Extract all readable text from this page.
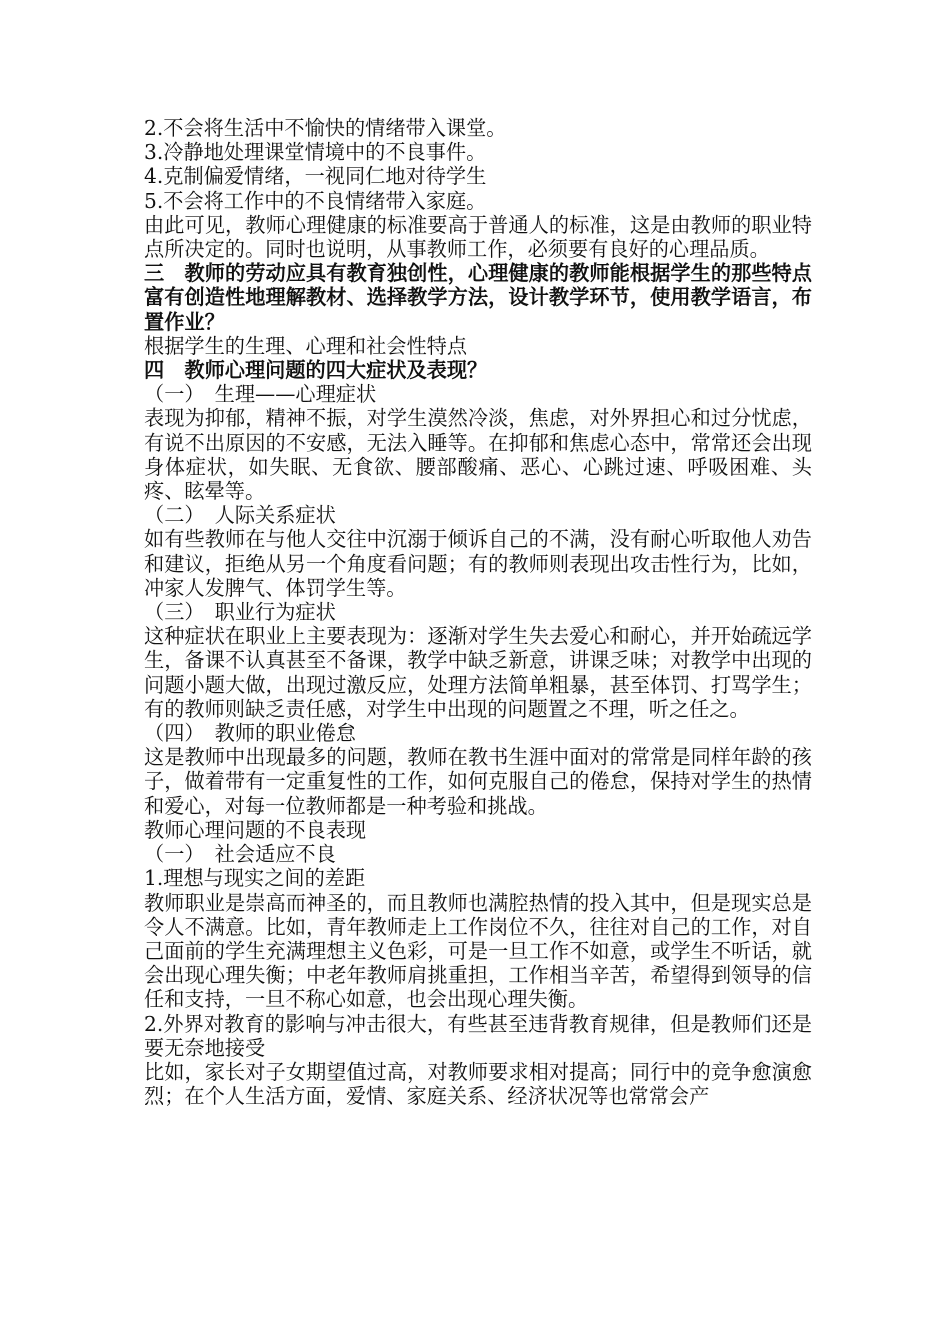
2.不会将生活中不愉快的情绪带入课堂。

3.冷静地处理课堂情境中的不良事件。

4.克制偏爱情绪，一视同仁地对待学生

5.不会将工作中的不良情绪带入家庭。

由此可见，教师心理健康的标准要高于普通人的标准，这是由教师的职业特点所决定的。同时也说明，从事教师工作，必须要有良好的心理品质。

三　教师的劳动应具有教育独创性，心理健康的教师能根据学生的那些特点富有创造性地理解教材、选择教学方法，设计教学环节，使用教学语言，布置作业？

根据学生的生理、心理和社会性特点

四　教师心理问题的四大症状及表现？

（一）　生理——心理症状

表现为抑郁，精神不振，对学生漠然冷淡，焦虑，对外界担心和过分忧虑，有说不出原因的不安感，无法入睡等。在抑郁和焦虑心态中，常常还会出现身体症状，如失眠、无食欲、腰部酸痛、恶心、心跳过速、呼吸困难、头疼、眩晕等。

（二）　人际关系症状

如有些教师在与他人交往中沉溺于倾诉自己的不满，没有耐心听取他人劝告和建议，拒绝从另一个角度看问题；有的教师则表现出攻击性行为，比如，冲家人发脾气、体罚学生等。

（三）　职业行为症状

这种症状在职业上主要表现为：逐渐对学生失去爱心和耐心，并开始疏远学生，备课不认真甚至不备课，教学中缺乏新意，讲课乏味；对教学中出现的问题小题大做，出现过激反应，处理方法简单粗暴，甚至体罚、打骂学生；有的教师则缺乏责任感，对学生中出现的问题置之不理，听之任之。

（四）　教师的职业倦怠

这是教师中出现最多的问题，教师在教书生涯中面对的常常是同样年龄的孩子，做着带有一定重复性的工作，如何克服自己的倦怠，保持对学生的热情和爱心，对每一位教师都是一种考验和挑战。

教师心理问题的不良表现

（一）　社会适应不良

1.理想与现实之间的差距

教师职业是崇高而神圣的，而且教师也满腔热情的投入其中，但是现实总是令人不满意。比如，青年教师走上工作岗位不久，往往对自己的工作，对自己面前的学生充满理想主义色彩，可是一旦工作不如意，或学生不听话，就会出现心理失衡；中老年教师肩挑重担，工作相当辛苦，希望得到领导的信任和支持，一旦不称心如意，也会出现心理失衡。

2.外界对教育的影响与冲击很大，有些甚至违背教育规律，但是教师们还是要无奈地接受

比如，家长对子女期望值过高，对教师要求相对提高；同行中的竞争愈演愈烈；在个人生活方面，爱情、家庭关系、经济状况等也常常会产
